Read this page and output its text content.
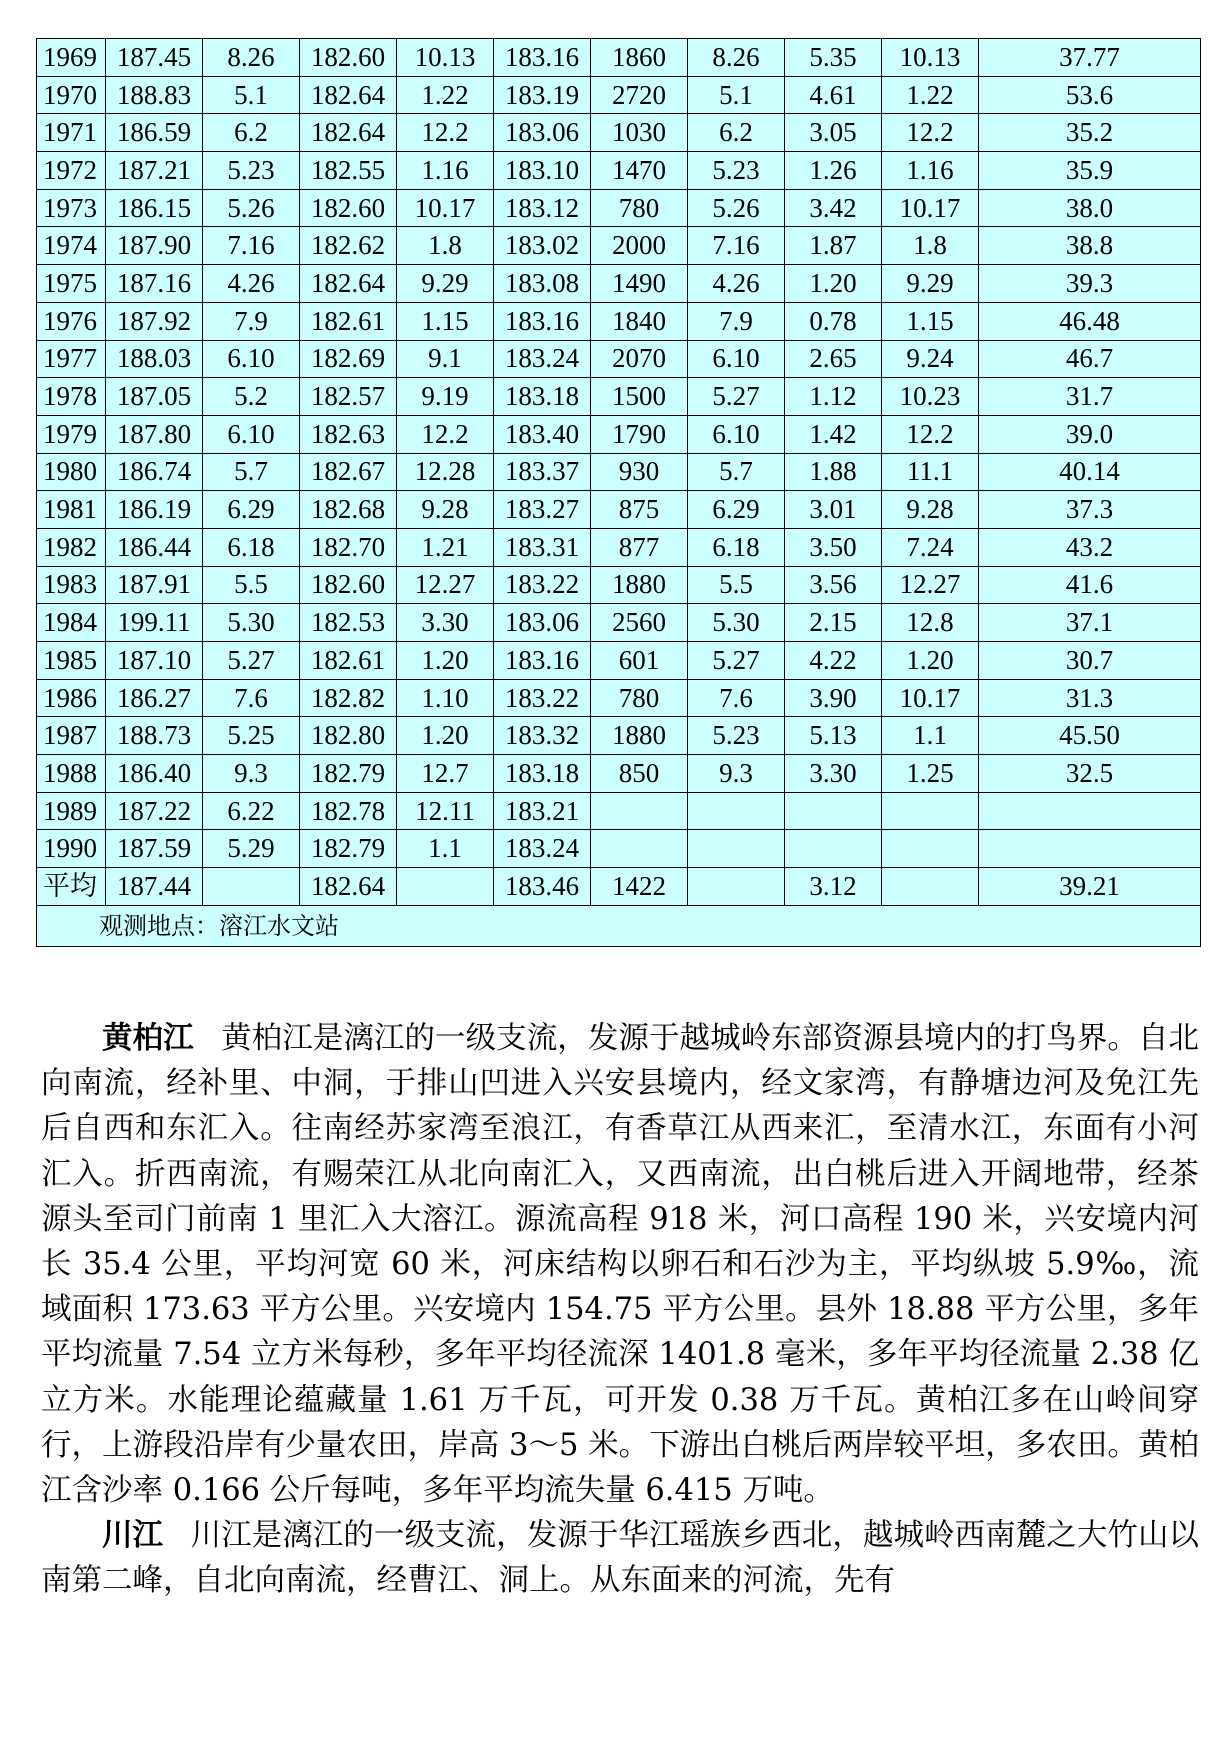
1969	187.45	8.26	182.60	10.13	183.16	1860	8.26	5.35	10.13	37.77
1970	188.83	5.1	182.64	1.22	183.19	2720	5.1	4.61	1.22	53.6
1971	186.59	6.2	182.64	12.2	183.06	1030	6.2	3.05	12.2	35.2
1972	187.21	5.23	182.55	1.16	183.10	1470	5.23	1.26	1.16	35.9
1973	186.15	5.26	182.60	10.17	183.12	780	5.26	3.42	10.17	38.0
1974	187.90	7.16	182.62	1.8	183.02	2000	7.16	1.87	1.8	38.8
1975	187.16	4.26	182.64	9.29	183.08	1490	4.26	1.20	9.29	39.3
1976	187.92	7.9	182.61	1.15	183.16	1840	7.9	0.78	1.15	46.48
1977	188.03	6.10	182.69	9.1	183.24	2070	6.10	2.65	9.24	46.7
1978	187.05	5.2	182.57	9.19	183.18	1500	5.27	1.12	10.23	31.7
1979	187.80	6.10	182.63	12.2	183.40	1790	6.10	1.42	12.2	39.0
1980	186.74	5.7	182.67	12.28	183.37	930	5.7	1.88	11.1	40.14
1981	186.19	6.29	182.68	9.28	183.27	875	6.29	3.01	9.28	37.3
1982	186.44	6.18	182.70	1.21	183.31	877	6.18	3.50	7.24	43.2
1983	187.91	5.5	182.60	12.27	183.22	1880	5.5	3.56	12.27	41.6
1984	199.11	5.30	182.53	3.30	183.06	2560	5.30	2.15	12.8	37.1
1985	187.10	5.27	182.61	1.20	183.16	601	5.27	4.22	1.20	30.7
1986	186.27	7.6	182.82	1.10	183.22	780	7.6	3.90	10.17	31.3
1987	188.73	5.25	182.80	1.20	183.32	1880	5.23	5.13	1.1	45.50
1988	186.40	9.3	182.79	12.7	183.18	850	9.3	3.30	1.25	32.5
1989	187.22	6.22	182.78	12.11	183.21					
1990	187.59	5.29	182.79	1.1	183.24					
平均	187.44		182.64		183.46	1422		3.12		39.21
观测地点：溶江水文站										

黄柏江 黄柏江是漓江的一级支流，发源于越城岭东部资源县境内的打鸟界。自北向南流，经补里、中洞，于排山凹进入兴安县境内，经文家湾，有静塘边河及免江先后自西和东汇入。往南经苏家湾至浪江，有香草江从西来汇，至清水江，东面有小河汇入。折西南流，有赐荣江从北向南汇入，又西南流，出白桃后进入开阔地带，经茶源头至司门前南 1 里汇入大溶江。源流高程 918 米，河口高程 190 米，兴安境内河长 35.4 公里，平均河宽 60 米，河床结构以卵石和石沙为主，平均纵坡 5.9‰，流域面积 173.63 平方公里。兴安境内 154.75 平方公里。县外 18.88 平方公里，多年平均流量 7.54 立方米每秒，多年平均径流深 1401.8 毫米，多年平均径流量 2.38 亿立方米。水能理论蕴藏量 1.61 万千瓦，可开发 0.38 万千瓦。黄柏江多在山岭间穿行，上游段沿岸有少量农田，岸高 3～5 米。下游出白桃后两岸较平坦，多农田。黄柏江含沙率 0.166 公斤每吨，多年平均流失量 6.415 万吨。

川江 川江是漓江的一级支流，发源于华江瑶族乡西北，越城岭西南麓之大竹山以南第二峰，自北向南流，经曹江、洞上。从东面来的河流，先有
